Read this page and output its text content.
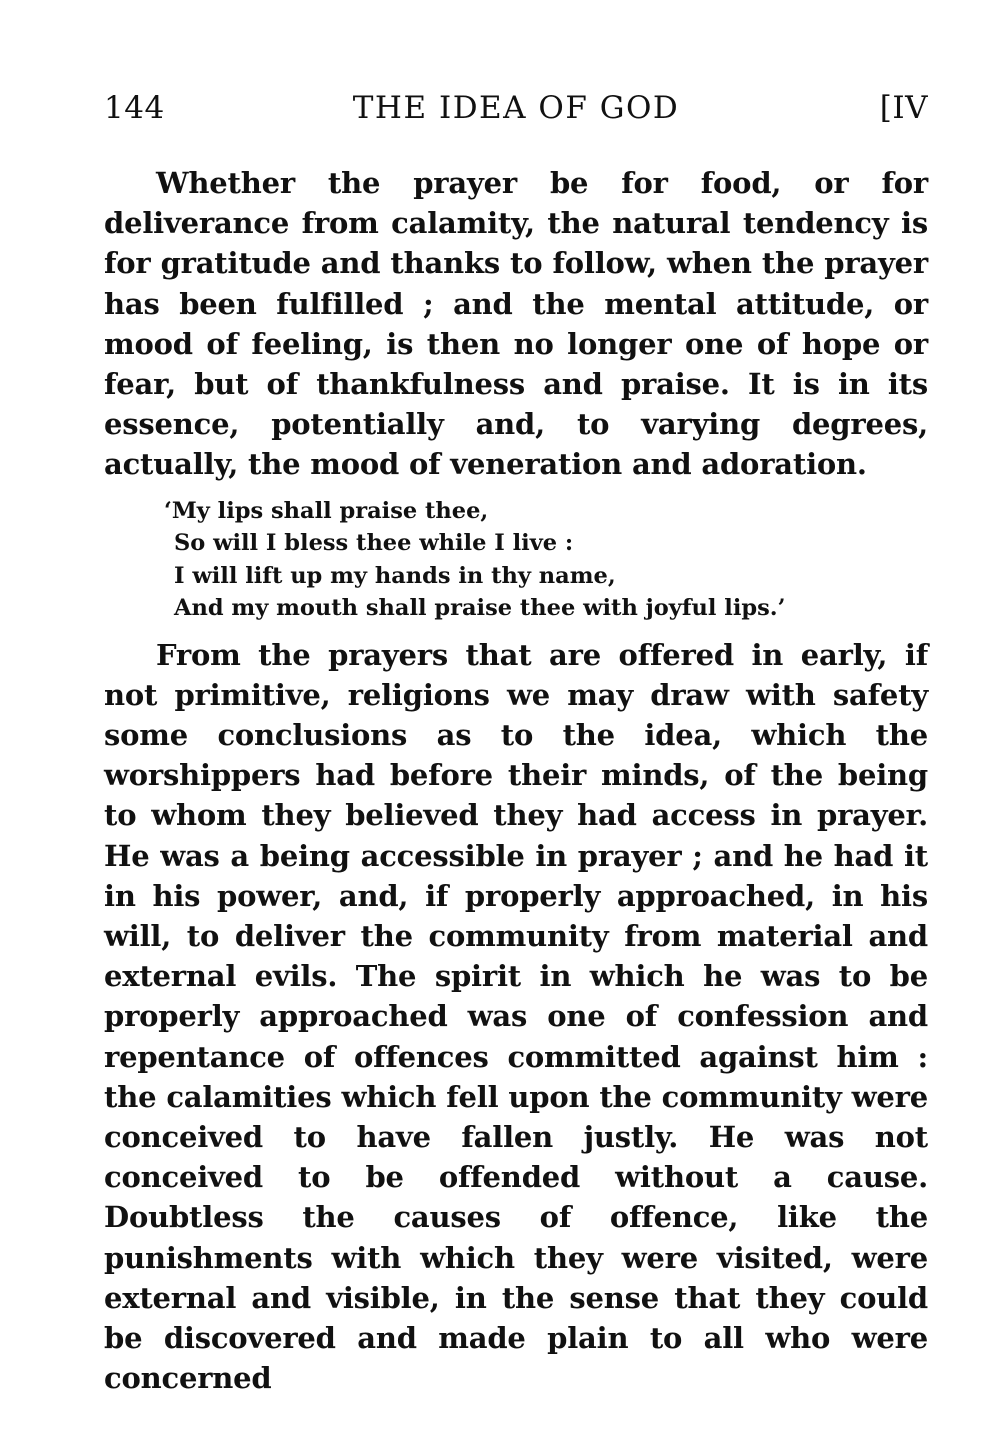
144	THE IDEA OF GOD	[IV

Whether the prayer be for food, or for deliverance from calamity, the natural tendency is for gratitude and thanks to follow, when the prayer has been fulfilled ; and the mental attitude, or mood of feeling, is then no longer one of hope or fear, but of thankfulness and praise. It is in its essence, potentially and, to varying degrees, actually, the mood of veneration and adoration.

‘My lips shall praise thee,
So will I bless thee while I live :
I will lift up my hands in thy name,
And my mouth shall praise thee with joyful lips.’

From the prayers that are offered in early, if not primitive, religions we may draw with safety some conclusions as to the idea, which the worshippers had before their minds, of the being to whom they believed they had access in prayer. He was a being accessible in prayer ; and he had it in his power, and, if properly approached, in his will, to deliver the community from material and external evils. The spirit in which he was to be properly approached was one of confession and repentance of offences committed against him : the calamities which fell upon the community were conceived to have fallen justly. He was not conceived to be offended without a cause. Doubtless the causes of offence, like the punishments with which they were visited, were external and visible, in the sense that they could be discovered and made plain to all who were concerned
